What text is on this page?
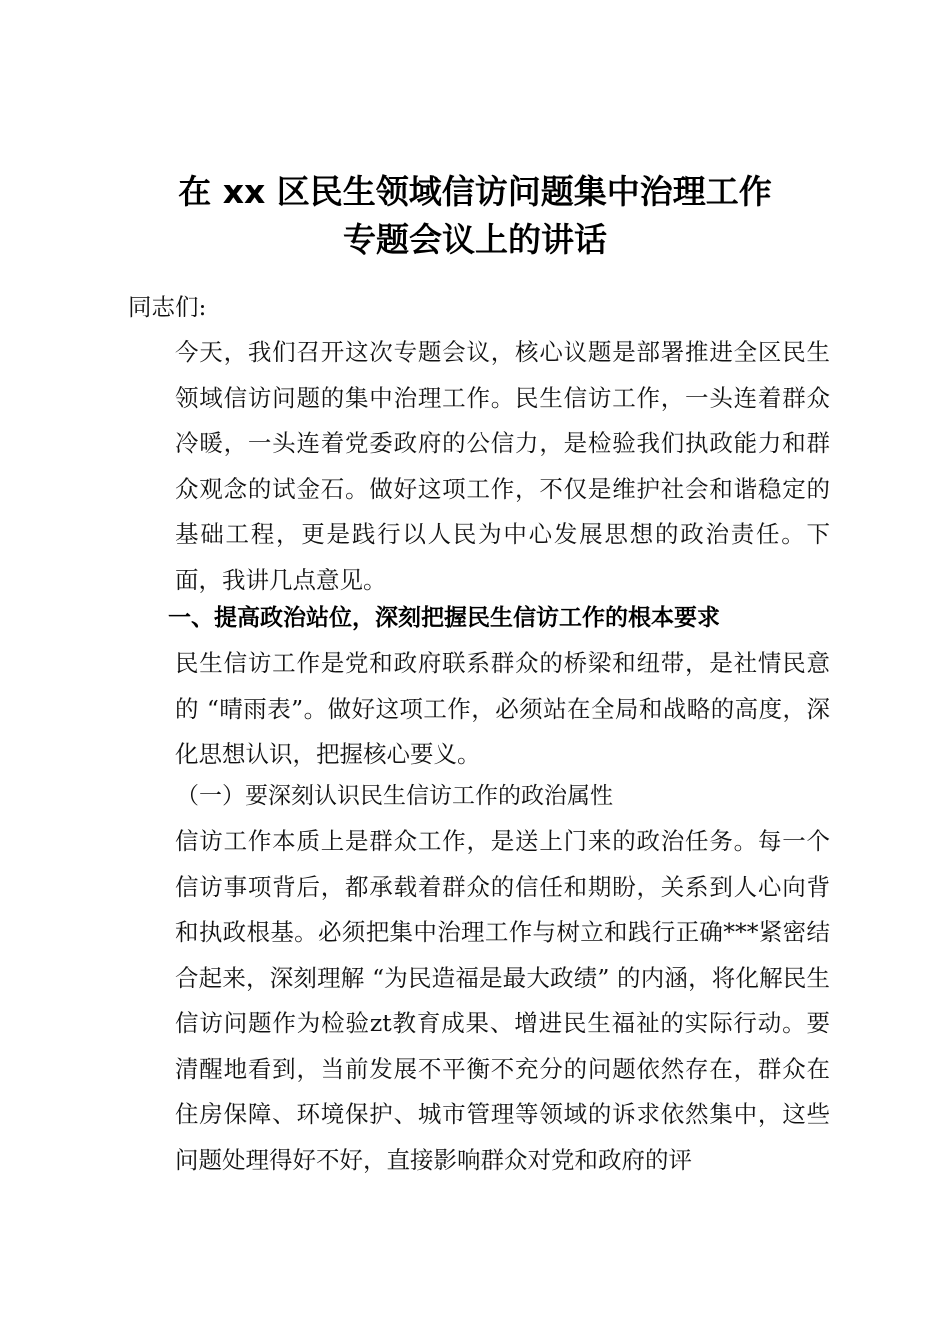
在 xx 区民生领域信访问题集中治理工作
专题会议上的讲话
同志们:
今天，我们召开这次专题会议，核心议题是部署推进全区民生领域信访问题的集中治理工作。民生信访工作，一头连着群众冷暖，一头连着党委政府的公信力，是检验我们执政能力和群众观念的试金石。做好这项工作，不仅是维护社会和谐稳定的基础工程，更是践行以人民为中心发展思想的政治责任。下面，我讲几点意见。
一、提高政治站位，深刻把握民生信访工作的根本要求
民生信访工作是党和政府联系群众的桥梁和纽带，是社情民意的 “晴雨表”。做好这项工作，必须站在全局和战略的高度，深化思想认识，把握核心要义。
（一）要深刻认识民生信访工作的政治属性
信访工作本质上是群众工作，是送上门来的政治任务。每一个信访事项背后，都承载着群众的信任和期盼，关系到人心向背和执政根基。必须把集中治理工作与树立和践行正确***紧密结合起来，深刻理解 “为民造福是最大政绩” 的内涵，将化解民生信访问题作为检验zt教育成果、增进民生福祉的实际行动。要清醒地看到，当前发展不平衡不充分的问题依然存在，群众在住房保障、环境保护、城市管理等领域的诉求依然集中，这些问题处理得好不好，直接影响群众对党和政府的评
